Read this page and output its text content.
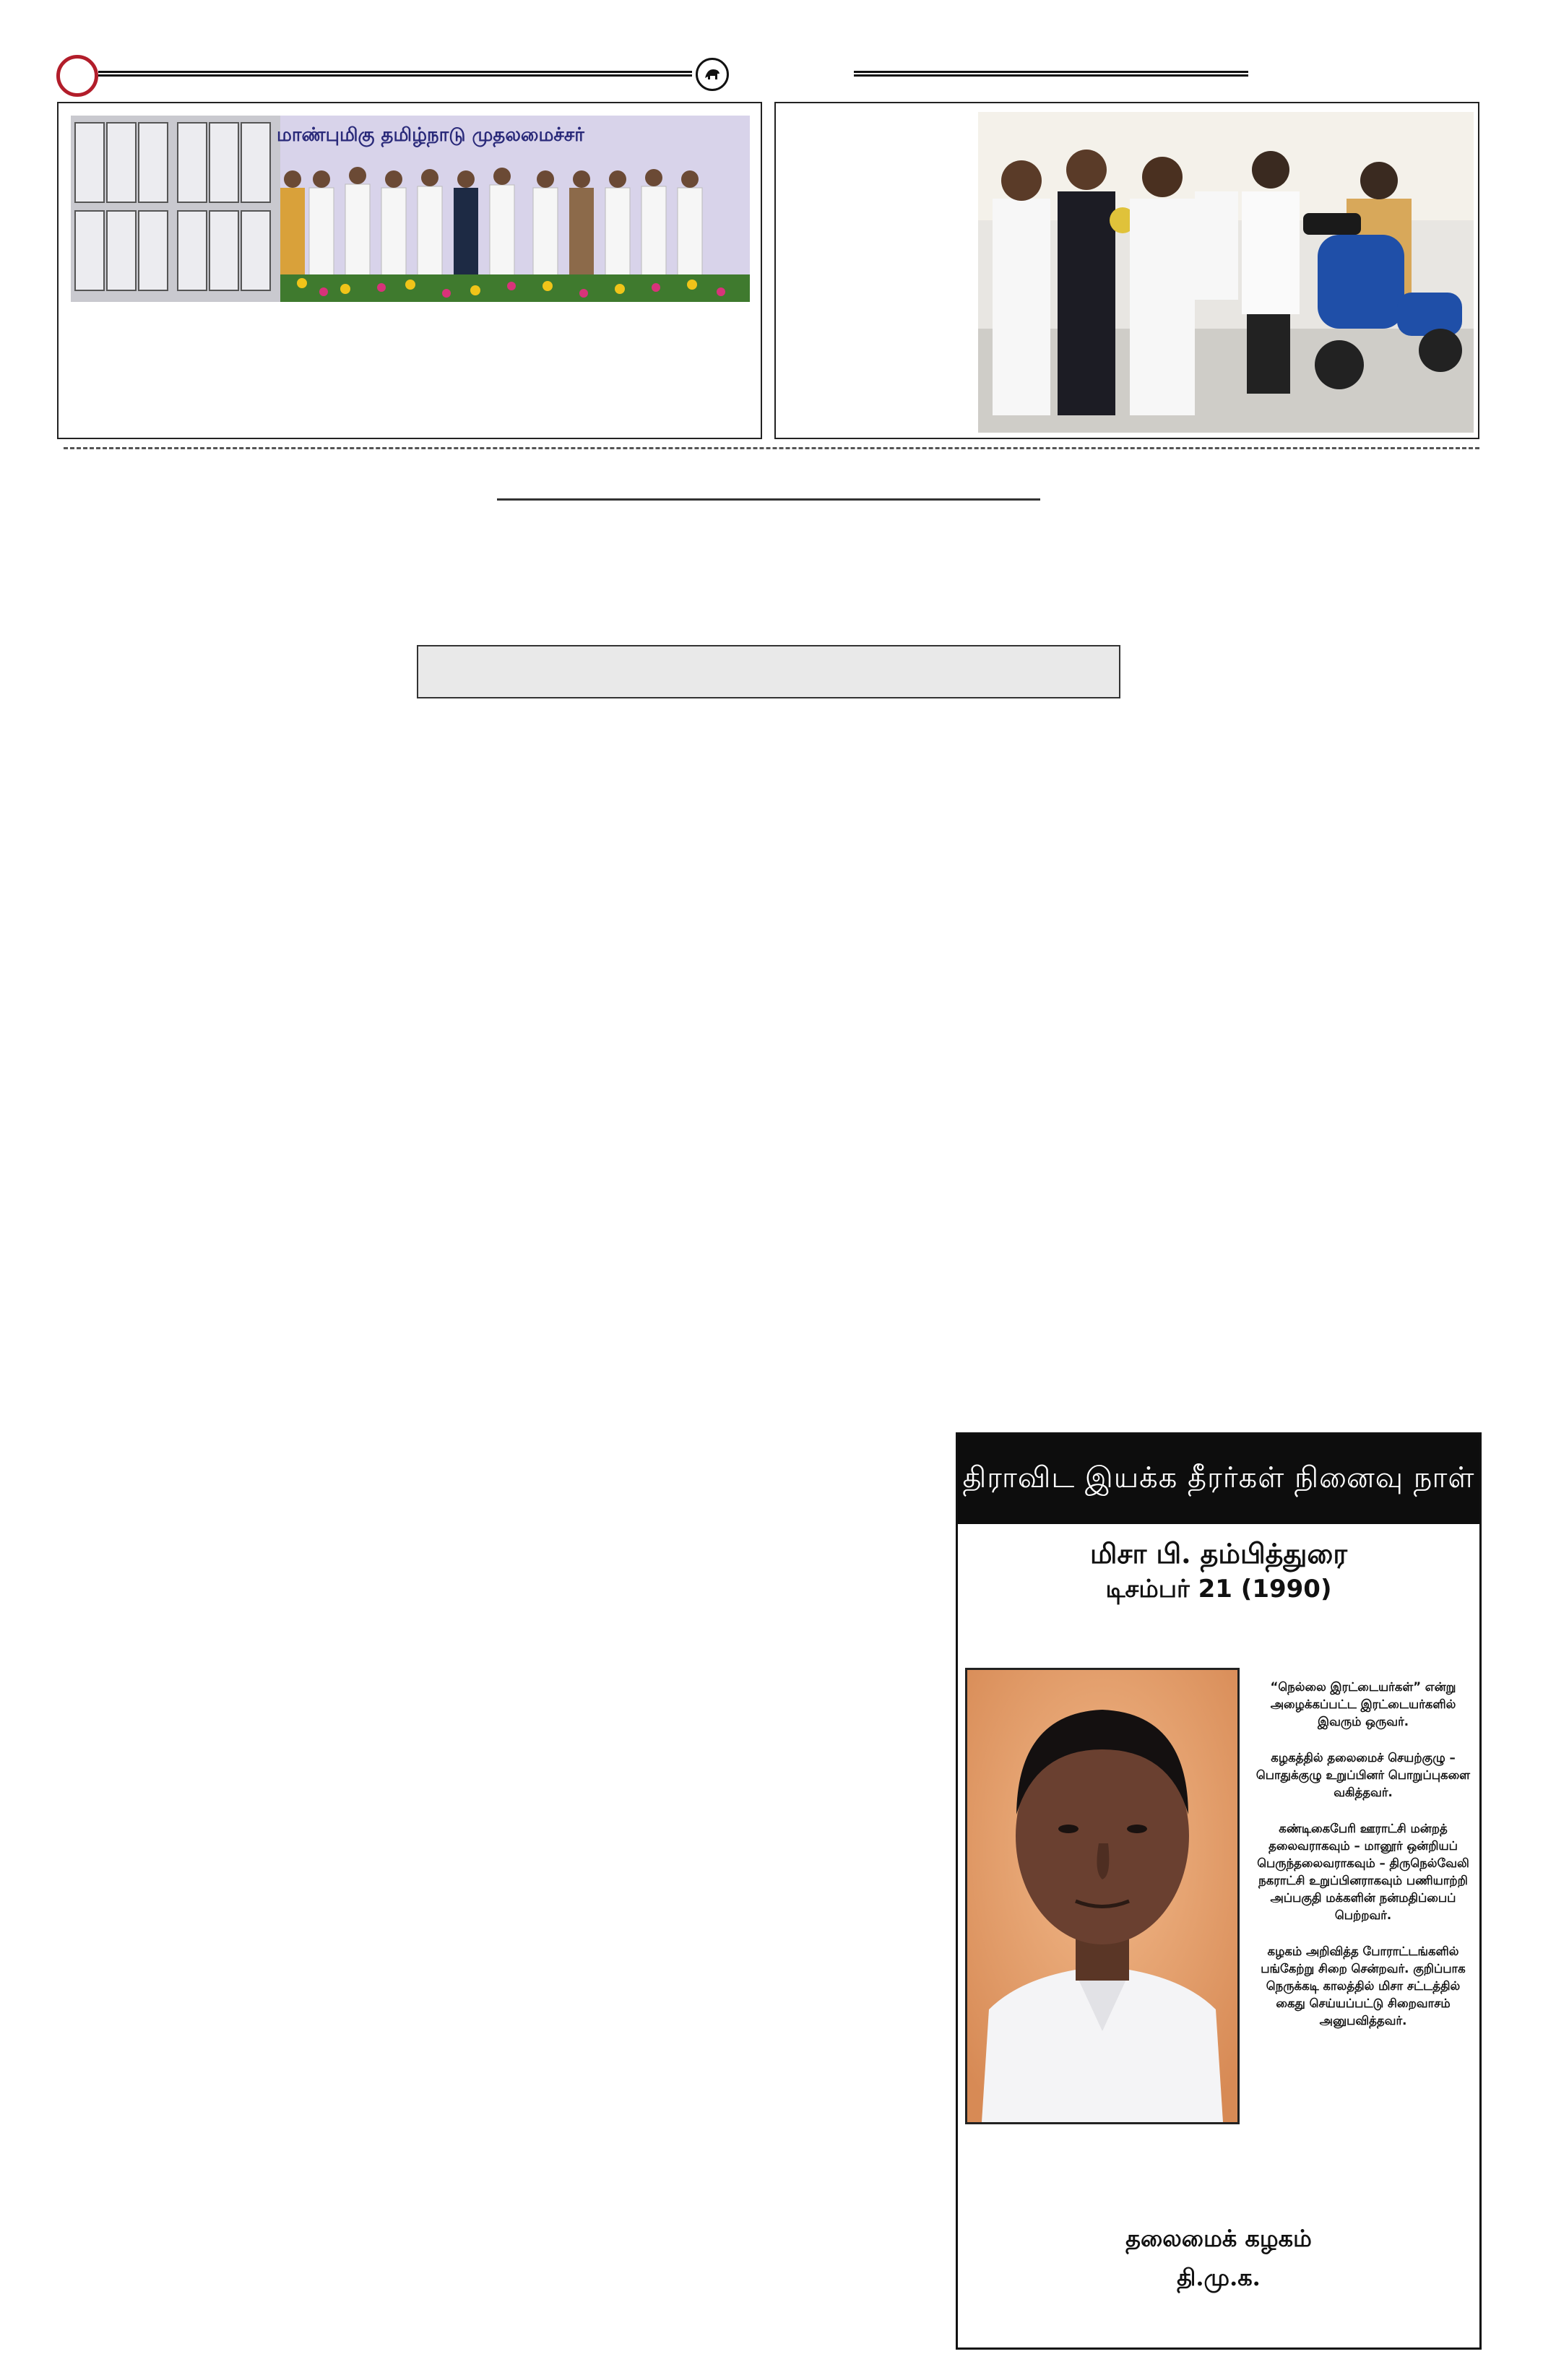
மாண்புமிகு தமிழ்நாடு முதலமைச்சர்
திராவிட இயக்க தீரர்கள் நினைவு நாள்
மிசா பி. தம்பித்துரை
டிசம்பர் 21 (1990)

“நெல்லை இரட்டையர்கள்” என்று அழைக்கப்பட்ட இரட்டையர்களில் இவரும் ஒருவர்.

கழகத்தில் தலைமைச் செயற்குழு – பொதுக்குழு உறுப்பினர் பொறுப்புகளை வகித்தவர்.

கண்டிகைபேரி ஊராட்சி மன்றத் தலைவராகவும் – மானூர் ஒன்றியப் பெருந்தலைவராகவும் – திருநெல்வேலி நகராட்சி உறுப்பினராகவும் பணியாற்றி அப்பகுதி மக்களின் நன்மதிப்பைப் பெற்றவர்.

கழகம் அறிவித்த போராட்டங்களில் பங்கேற்று சிறை சென்றவர். குறிப்பாக நெருக்கடி காலத்தில் மிசா சட்டத்தில் கைது செய்யப்பட்டு சிறைவாசம் அனுபவித்தவர்.

தலைமைக் கழகம்
தி.மு.க.
